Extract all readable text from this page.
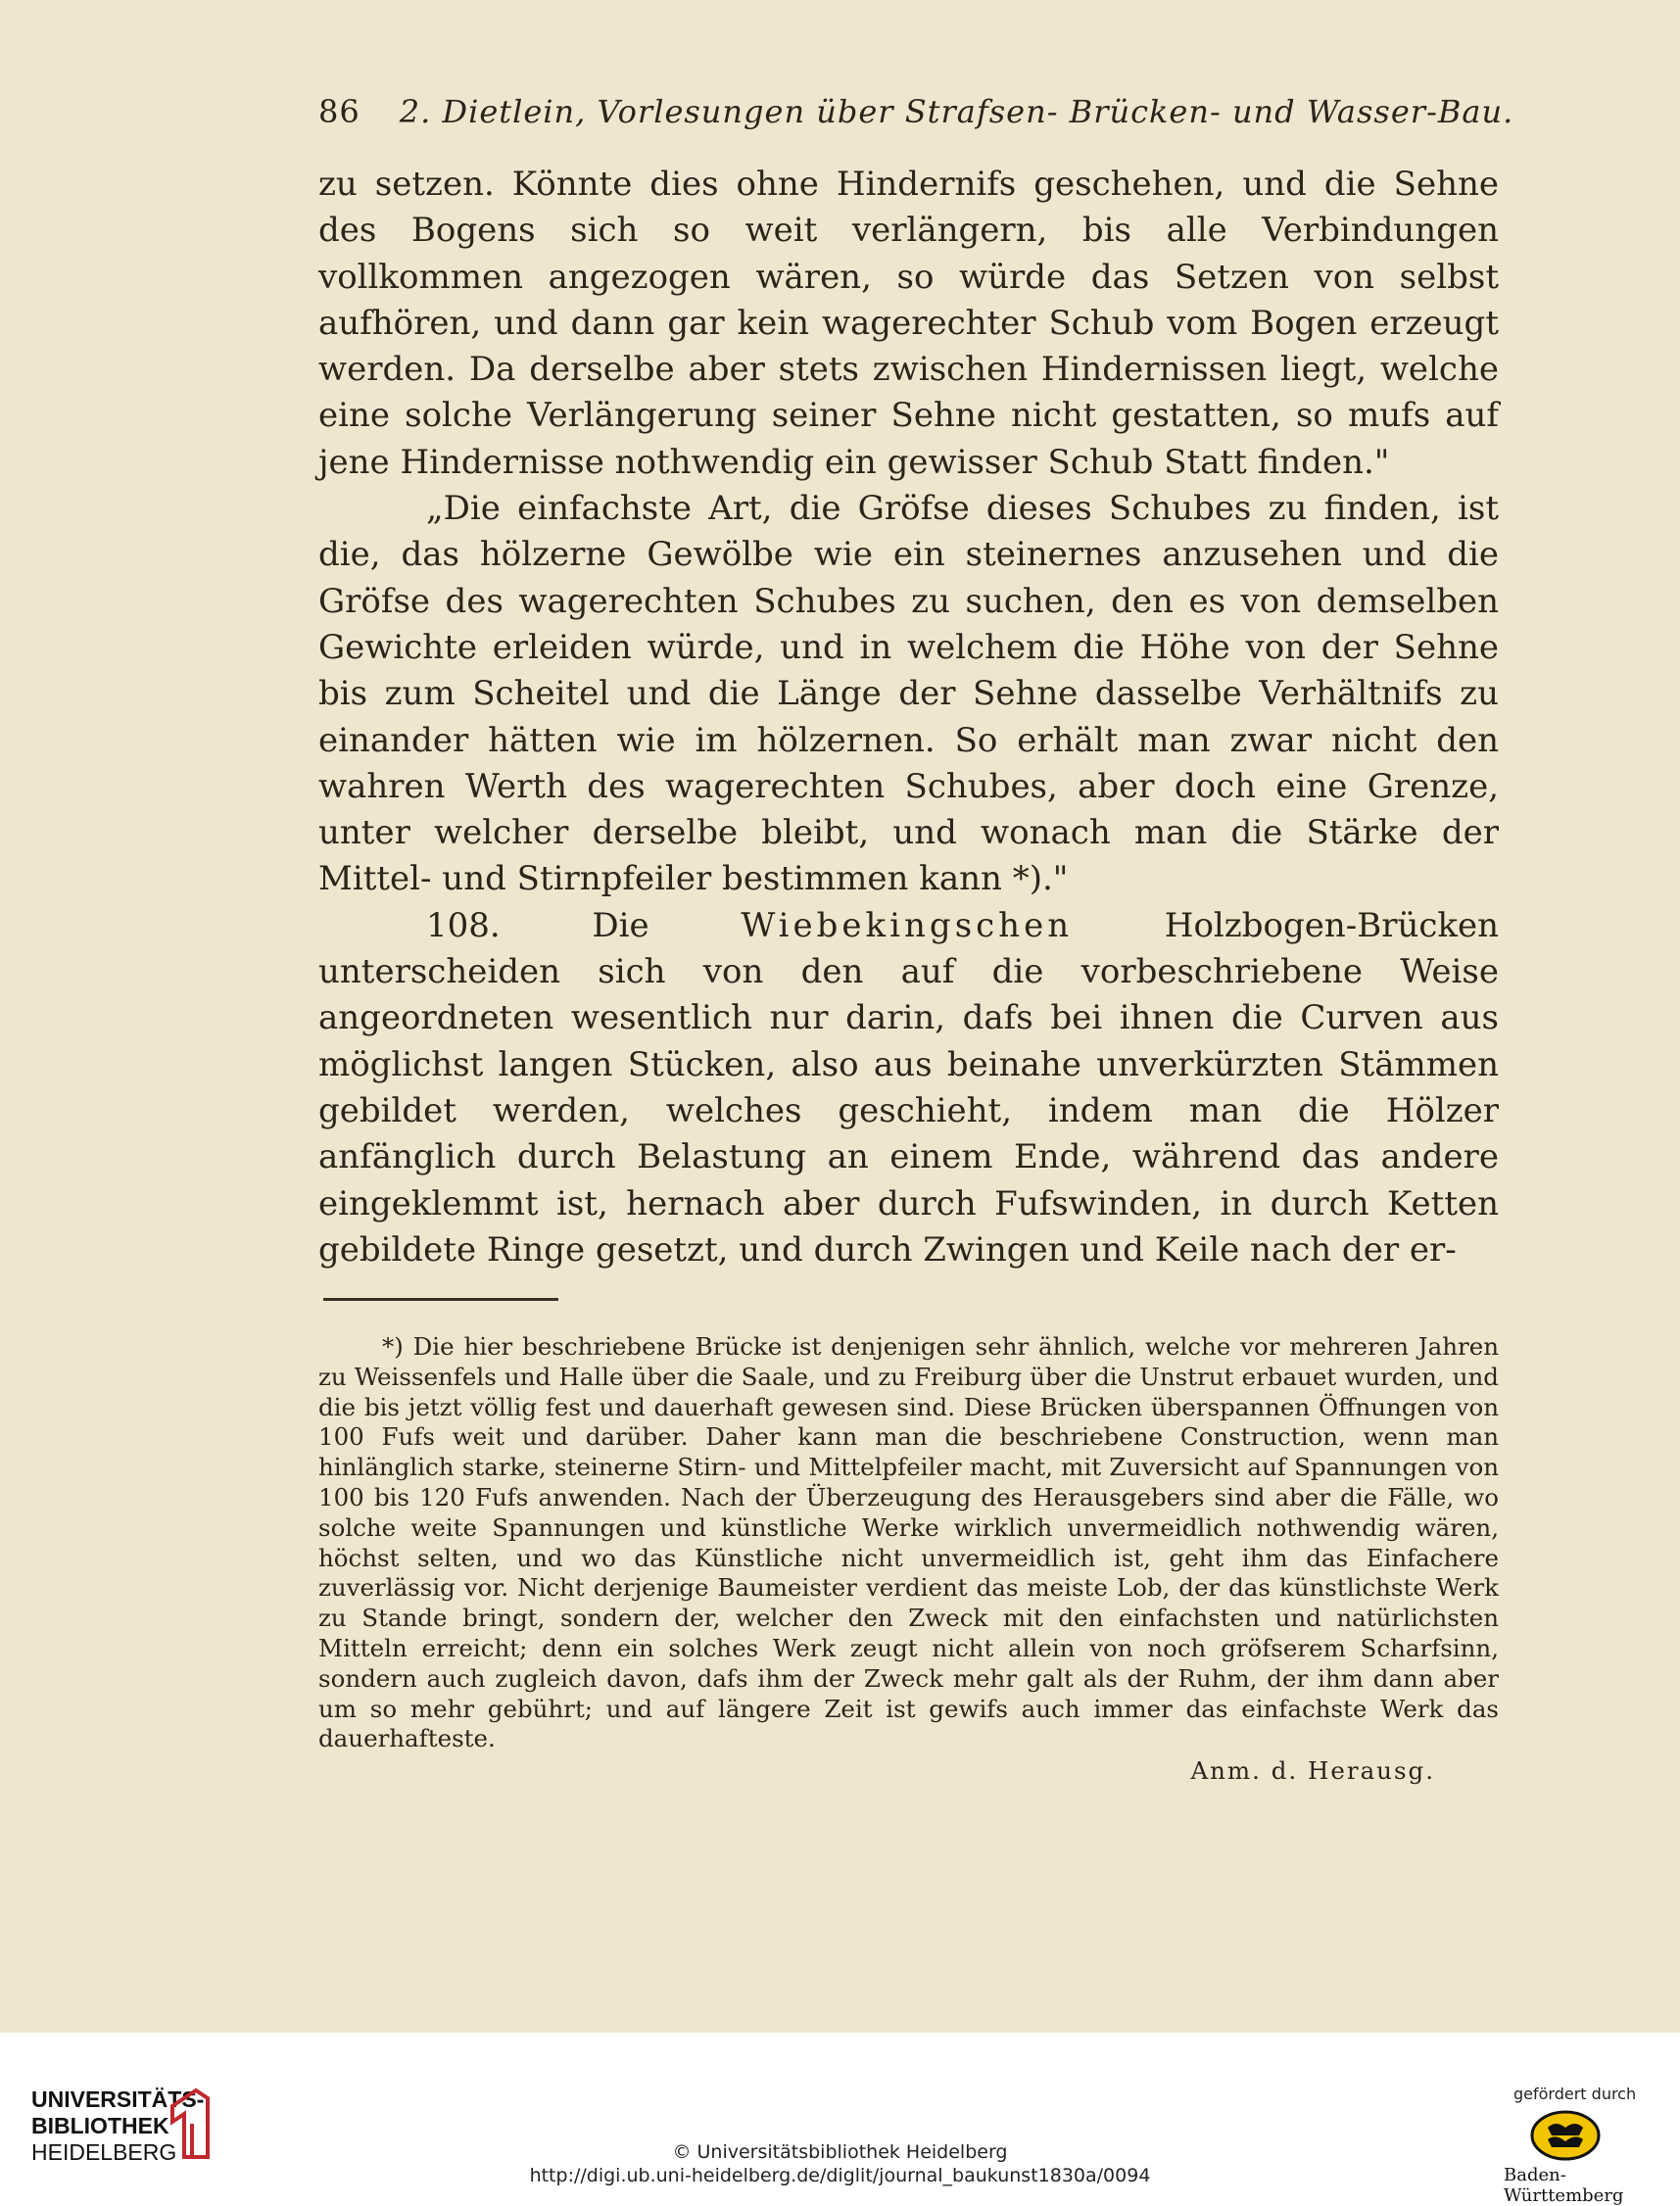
86 2. Dietlein, Vorlesungen über Strafsen- Brücken- und Wasser-Bau.

zu setzen. Könnte dies ohne Hindernifs geschehen, und die Sehne des Bogens sich so weit verlängern, bis alle Verbindungen vollkommen angezogen wären, so würde das Setzen von selbst aufhören, und dann gar kein wagerechter Schub vom Bogen erzeugt werden. Da derselbe aber stets zwischen Hindernissen liegt, welche eine solche Verlängerung seiner Sehne nicht gestatten, so mufs auf jene Hindernisse nothwendig ein gewisser Schub Statt finden."

„Die einfachste Art, die Gröfse dieses Schubes zu finden, ist die, das hölzerne Gewölbe wie ein steinernes anzusehen und die Gröfse des wagerechten Schubes zu suchen, den es von demselben Gewichte erleiden würde, und in welchem die Höhe von der Sehne bis zum Scheitel und die Länge der Sehne dasselbe Verhältnifs zu einander hätten wie im hölzernen. So erhält man zwar nicht den wahren Werth des wagerechten Schubes, aber doch eine Grenze, unter welcher derselbe bleibt, und wonach man die Stärke der Mittel- und Stirnpfeiler bestimmen kann *)."

108. Die	Wiebekingschen	Holzbogen-Brücken unterscheiden sich von den auf die vorbeschriebene Weise angeordneten wesentlich nur darin, dafs bei ihnen die Curven aus möglichst langen Stücken, also aus beinahe unverkürzten Stämmen gebildet werden, welches geschieht, indem man die Hölzer anfänglich durch Belastung an einem Ende, während das andere eingeklemmt ist, hernach aber durch Fufswinden, in durch Ketten gebildete Ringe gesetzt, und durch Zwingen und Keile nach der er-

*) Die hier beschriebene Brücke ist denjenigen sehr ähnlich, welche vor mehreren Jahren zu Weissenfels und Halle über die Saale, und zu Freiburg über die Unstrut erbauet wurden, und die bis jetzt völlig fest und dauerhaft gewesen sind. Diese Brücken überspannen Öffnungen von 100 Fufs weit und darüber. Daher kann man die beschriebene Construction, wenn man hinlänglich starke, steinerne Stirn- und Mittelpfeiler macht, mit Zuversicht auf Spannungen von 100 bis 120 Fufs anwenden. Nach der Überzeugung des Herausgebers sind aber die Fälle, wo solche weite Spannungen und künstliche Werke wirklich unvermeidlich nothwendig wären, höchst selten, und wo das Künstliche nicht unvermeidlich ist, geht ihm das Einfachere zuverlässig vor. Nicht derjenige Baumeister verdient das meiste Lob, der das künstlichste Werk zu Stande bringt, sondern der, welcher den Zweck mit den einfachsten und natürlichsten Mitteln erreicht; denn ein solches Werk zeugt nicht allein von noch gröfserem Scharfsinn, sondern auch zugleich davon, dafs ihm der Zweck mehr galt als der Ruhm, der ihm dann aber um so mehr gebührt; und auf längere Zeit ist gewifs auch immer das einfachste Werk das dauerhafteste.

Anm. d. Herausg.
UNIVERSITÄTS-
BIBLIOTHEK
HEIDELBERG	© Universitätsbibliothek Heidelberg
http://digi.ub.uni-heidelberg.de/diglit/journal_baukunst1830a/0094
gefördert durch
Baden-Württemberg
